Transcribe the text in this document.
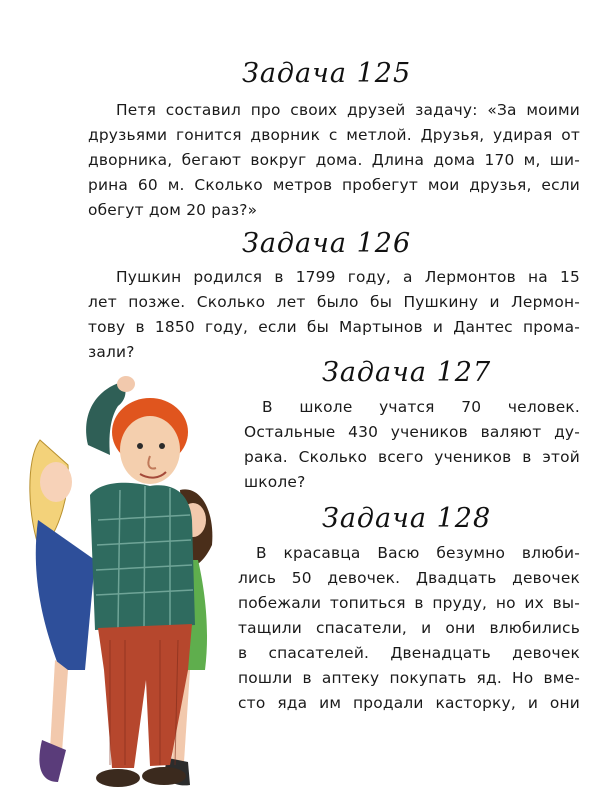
Задача 125

Петя составил про своих друзей задачу: «За моими
друзьями гонится дворник с метлой. Друзья, удирая от
дворника, бегают вокруг дома. Длина дома 170 м, ши-
рина 60 м. Сколько метров пробегут мои друзья, если
обегут дом 20 раз?»

Задача 126

Пушкин родился в 1799 году, а Лермонтов на 15
лет позже. Сколько лет было бы Пушкину и Лермон-
тову в 1850 году, если бы Мартынов и Дантес прома-
зали?

Задача 127

В школе учатся 70 человек.
Остальные 430 учеников валяют ду-
рака. Сколько всего учеников в этой
школе?

Задача 128

В красавца Васю безумно влюби-
лись 50 девочек. Двадцать девочек
побежали топиться в пруду, но их вы-
тащили спасатели, и они влюбились
в спасателей. Двенадцать девочек
пошли в аптеку покупать яд. Но вме-
сто яда им продали касторку, и они
